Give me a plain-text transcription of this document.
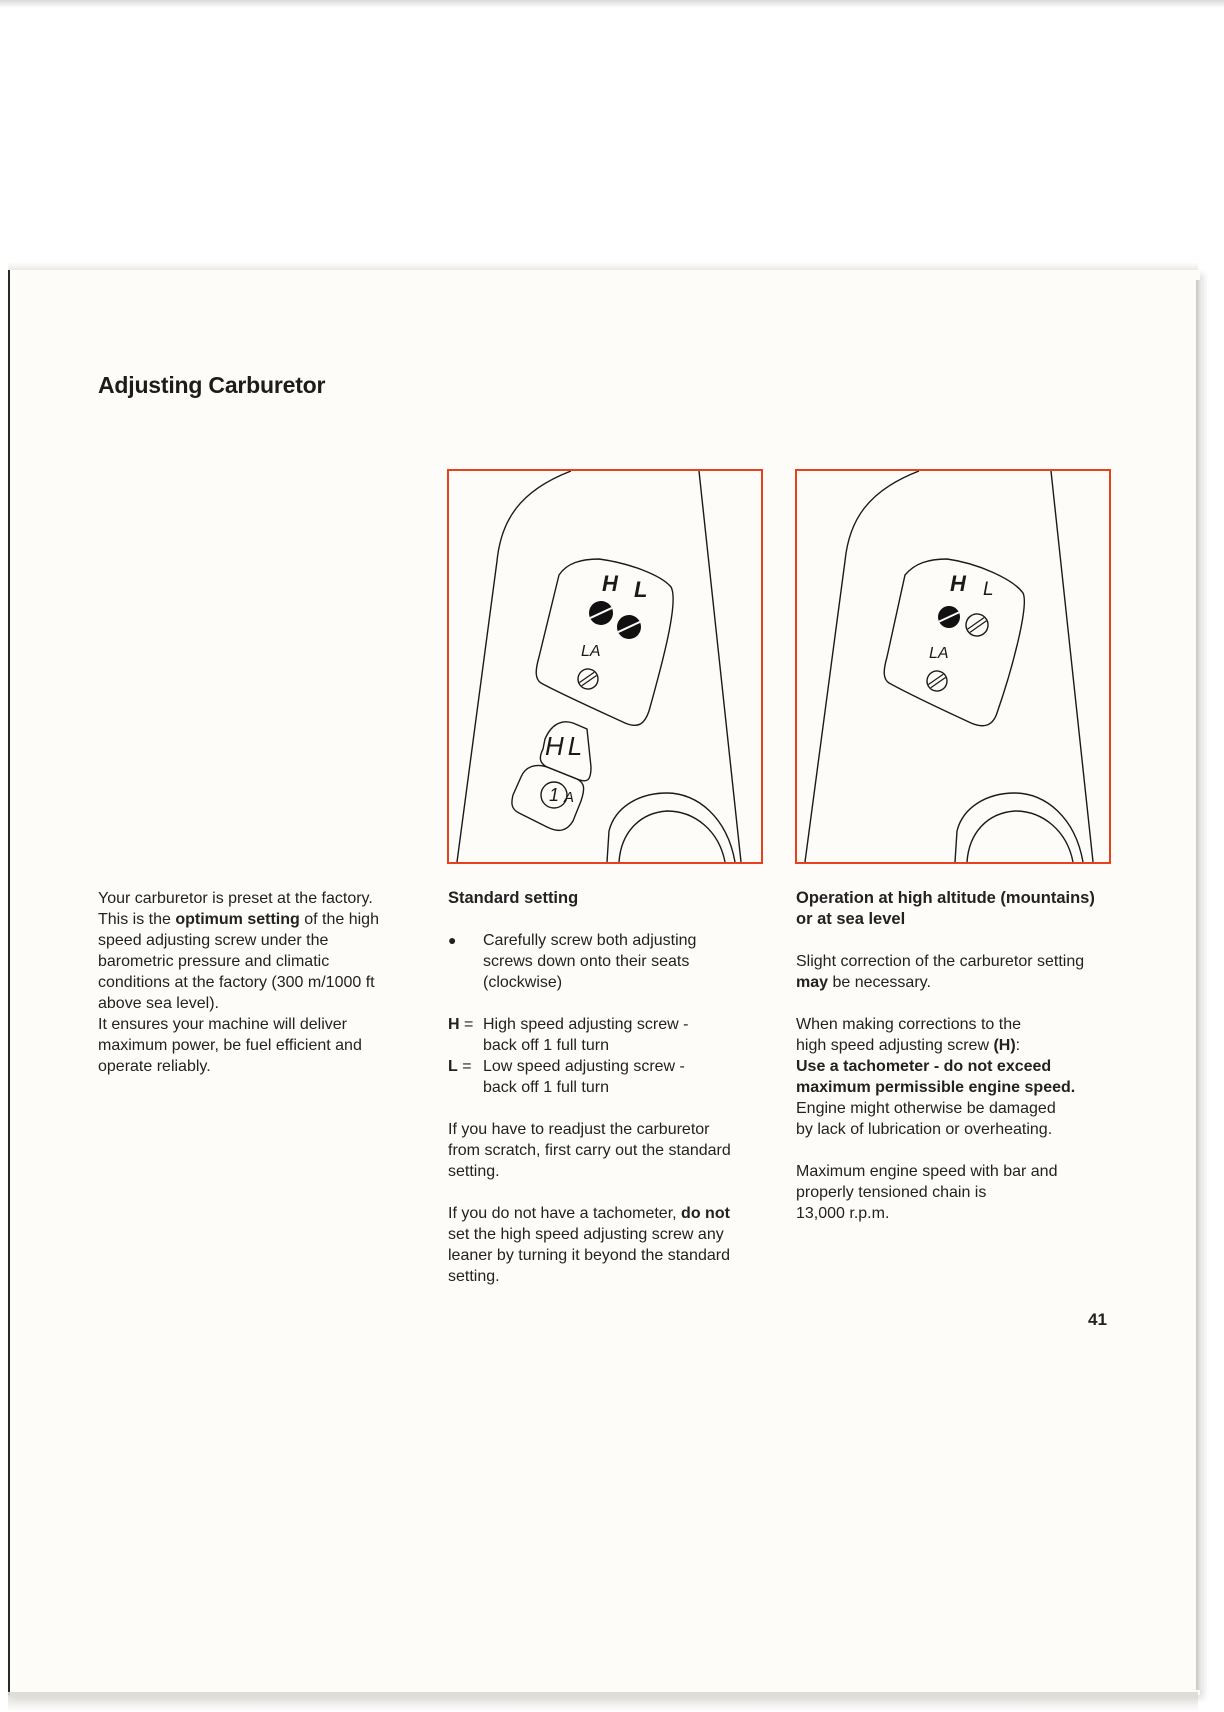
Adjusting Carburetor
H L
LA
HL
1 A
H L
LA

Your carburetor is preset at the factory.

This is the optimum setting of the high

speed adjusting screw under the

barometric pressure and climatic

conditions at the factory (300 m/1000 ft

above sea level).

It ensures your machine will deliver

maximum power, be fuel efficient and

operate reliably.

Standard setting

●	Carefully screw both adjusting

screws down onto their seats

(clockwise)

H = High speed adjusting screw -

back off 1 full turn

L = Low speed adjusting screw -

back off 1 full turn

If you have to readjust the carburetor

from scratch, first carry out the standard

setting.

If you do not have a tachometer, do not

set the high speed adjusting screw any

leaner by turning it beyond the standard

setting.

Operation at high altitude (mountains)

or at sea level

Slight correction of the carburetor setting

may be necessary.

When making corrections to the

high speed adjusting screw (H):

Use a tachometer - do not exceed

maximum permissible engine speed.

Engine might otherwise be damaged

by lack of lubrication or overheating.

Maximum engine speed with bar and

properly tensioned chain is

13,000 r.p.m.

41
